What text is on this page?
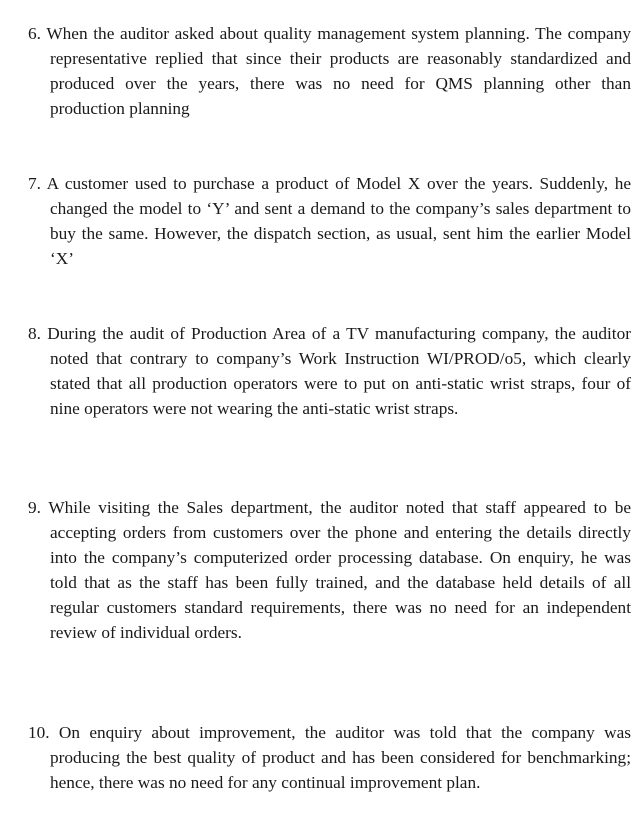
6. When the auditor asked about quality management system planning. The company representative replied that since their products are reasonably standardized and produced over the years, there was no need for QMS planning other than production planning

7. A customer used to purchase a product of Model X over the years. Suddenly, he changed the model to ‘Y’ and sent a demand to the company’s sales department to buy the same. However, the dispatch section, as usual, sent him the earlier Model ‘X’

8. During the audit of Production Area of a TV manufacturing company, the auditor noted that contrary to company’s Work Instruction WI/PROD/o5, which clearly stated that all production operators were to put on anti-static wrist straps, four of nine operators were not wearing the anti-static wrist straps.

9. While visiting the Sales department, the auditor noted that staff appeared to be accepting orders from customers over the phone and entering the details directly into the company’s computerized order processing database. On enquiry, he was told that as the staff has been fully trained, and the database held details of all regular customers standard requirements, there was no need for an independent review of individual orders.

10. On enquiry about improvement, the auditor was told that the company was producing the best quality of product and has been considered for benchmarking; hence, there was no need for any continual improvement plan.
